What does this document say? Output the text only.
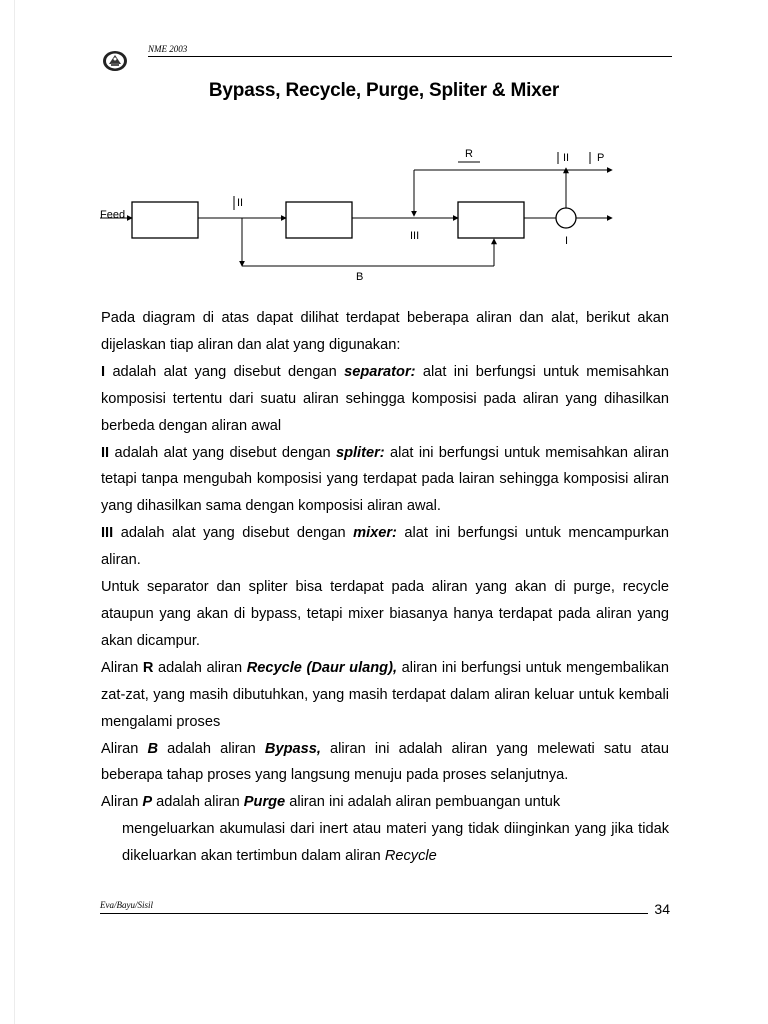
NME 2003
Bypass, Recycle, Purge, Spliter & Mixer
Feed
II
R	II	P
III	I
B

Pada diagram di atas dapat dilihat terdapat beberapa aliran dan alat, berikut akan dijelaskan tiap aliran dan alat yang digunakan:

I adalah alat yang disebut dengan separator: alat ini berfungsi untuk memisahkan komposisi tertentu dari suatu aliran sehingga komposisi pada aliran yang dihasilkan berbeda dengan aliran awal

II adalah alat yang disebut dengan spliter: alat ini berfungsi untuk memisahkan aliran tetapi tanpa mengubah komposisi yang terdapat pada lairan sehingga komposisi aliran yang dihasilkan sama dengan komposisi aliran awal.

III adalah alat yang disebut dengan mixer: alat ini berfungsi untuk mencampurkan aliran.

Untuk separator dan spliter bisa terdapat pada aliran yang akan di purge, recycle ataupun yang akan di bypass, tetapi mixer biasanya hanya terdapat pada aliran yang akan dicampur.

Aliran R adalah aliran Recycle (Daur ulang), aliran ini berfungsi untuk mengembalikan zat-zat, yang masih dibutuhkan, yang masih terdapat dalam aliran keluar untuk kembali mengalami proses

Aliran B adalah aliran Bypass, aliran ini adalah aliran yang melewati satu atau beberapa tahap proses yang langsung menuju pada proses selanjutnya.

Aliran P adalah aliran Purge aliran ini adalah aliran pembuangan untuk

mengeluarkan akumulasi dari inert atau materi yang tidak diinginkan yang jika tidak dikeluarkan akan tertimbun dalam aliran Recycle

Eva/Bayu/Sisil	34
